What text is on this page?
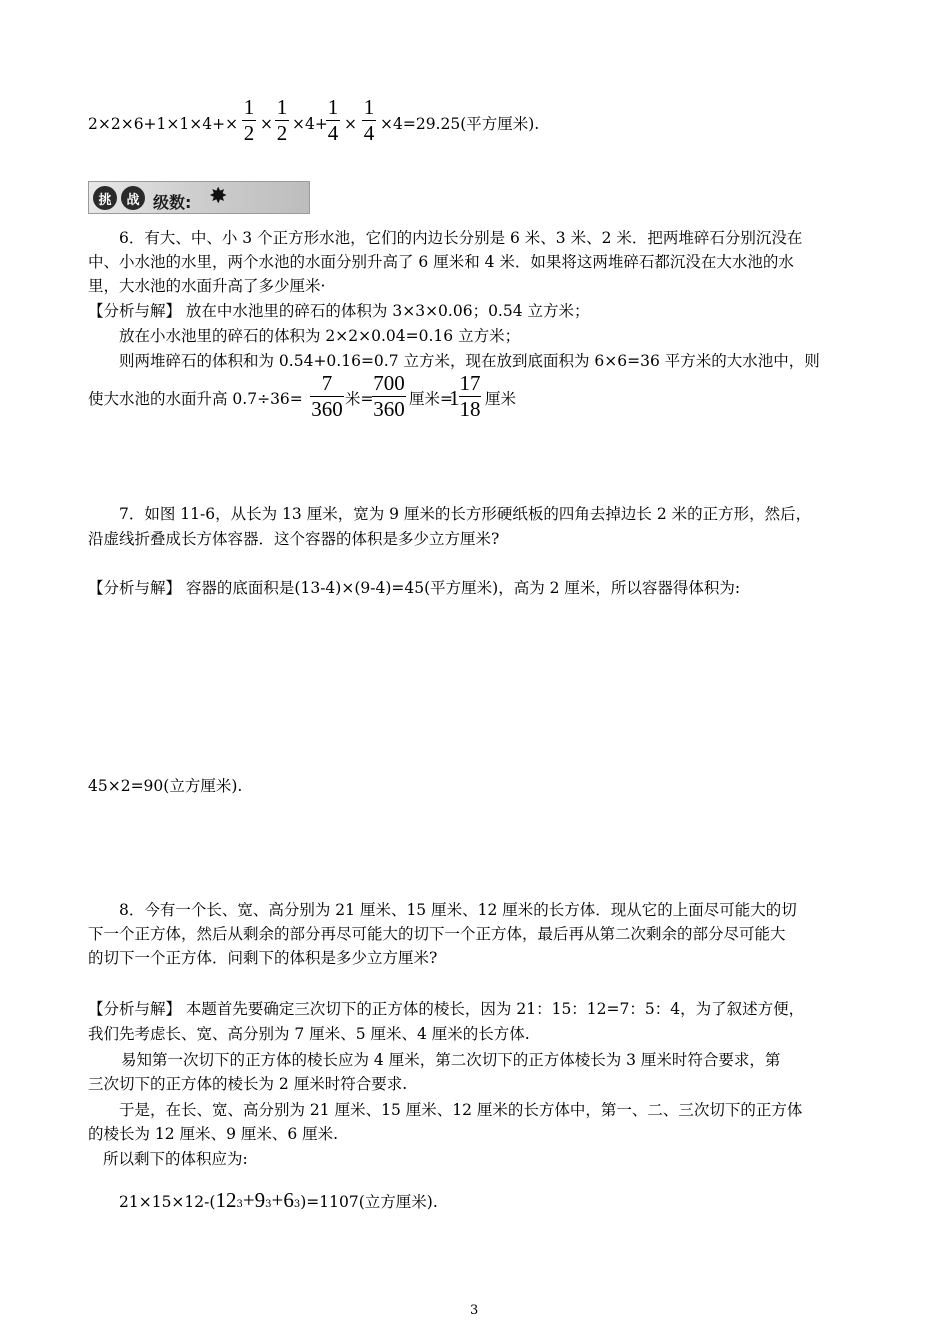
2×2×6+1×1×4+×
1
2 ×
1
2 ×4+
1
4 ×
1
4 ×4=29.25(平方厘米).
挑	战 级数: ✸
6．有大、中、小 3 个正方形水池，它们的内边长分别是 6 米、3 米、2 米．把两堆碎石分别沉没在
中、小水池的水里，两个水池的水面分别升高了 6 厘米和 4 米．如果将这两堆碎石都沉没在大水池的水
里，大水池的水面升高了多少厘米·
【分析与解】 放在中水池里的碎石的体积为 3×3×0.06；0.54 立方米；
放在小水池里的碎石的体积为 2×2×0.04=0.16 立方米；
则两堆碎石的体积和为 0.54+0.16=0.7 立方米，现在放到底面积为 6×6=36 平方米的大水池中，则
使大水池的水面升高 0.7÷36=
7
360 米=
700
360 厘米=
1
17
18 厘米
7．如图 11-6，从长为 13 厘米，宽为 9 厘米的长方形硬纸板的四角去掉边长 2 米的正方形，然后，
沿虚线折叠成长方体容器．这个容器的体积是多少立方厘米?
【分析与解】 容器的底面积是(13-4)×(9-4)=45(平方厘米)，高为 2 厘米，所以容器得体积为:
45×2=90(立方厘米).
8．今有一个长、宽、高分别为 21 厘米、15 厘米、12 厘米的长方体．现从它的上面尽可能大的切
下一个正方体，然后从剩余的部分再尽可能大的切下一个正方体，最后再从第二次剩余的部分尽可能大
的切下一个正方体．问剩下的体积是多少立方厘米?
【分析与解】 本题首先要确定三次切下的正方体的棱长，因为 21：15：12=7：5：4，为了叙述方便，
我们先考虑长、宽、高分别为 7 厘米、5 厘米、4 厘米的长方体.
易知第一次切下的正方体的棱长应为 4 厘米，第二次切下的正方体棱长为 3 厘米时符合要求，第
三次切下的正方体的棱长为 2 厘米时符合要求.
于是，在长、宽、高分别为 21 厘米、15 厘米、12 厘米的长方体中，第一、二、三次切下的正方体
的棱长为 12 厘米、9 厘米、6 厘米.
所以剩下的体积应为:
21×15×12-(123+93+63)=1107(立方厘米).
3
